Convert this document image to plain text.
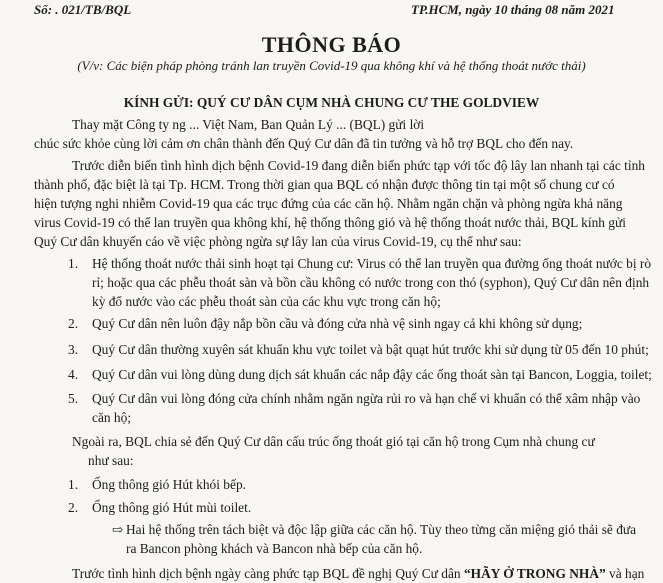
Số: . 021/TB/BQL	TP.HCM, ngày 10 tháng 08 năm 2021
THÔNG BÁO
(V/v: Các biện pháp phòng tránh lan truyền Covid-19 qua không khí và hệ thống thoát nước thải)
KÍNH GỬI: QUÝ CƯ DÂN CỤM NHÀ CHUNG CƯ THE GOLDVIEW
Thay mặt Công ty ng ... Việt Nam, Ban Quản Lý ... (BQL) gửi lời
chúc sức khỏe cùng lời cảm ơn chân thành đến Quý Cư dân đã tin tưởng và hỗ trợ BQL cho đến nay.
Trước diễn biến tình hình dịch bệnh Covid-19 đang diễn biến phức tạp với tốc độ lây lan nhanh tại các tỉnh
thành phố, đặc biệt là tại Tp. HCM. Trong thời gian qua BQL có nhận được thông tin tại một số chung cư có
hiện tượng nghi nhiễm Covid-19 qua các trục đứng của các căn hộ. Nhằm ngăn chặn và phòng ngừa khả năng
virus Covid-19 có thể lan truyền qua không khí, hệ thống thông gió và hệ thống thoát nước thải, BQL kính gửi
Quý Cư dân khuyến cáo về việc phòng ngừa sự lây lan của virus Covid-19, cụ thể như sau:
1. Hệ thống thoát nước thải sinh hoạt tại Chung cư: Virus có thể lan truyền qua đường ống thoát nước bị rò
rỉ; hoặc qua các phễu thoát sàn và bồn cầu không có nước trong con thó (syphon), Quý Cư dân nên định
kỳ đổ nước vào các phễu thoát sàn của các khu vực trong căn hộ;
2. Quý Cư dân nên luôn đậy nắp bồn cầu và đóng cửa nhà vệ sinh ngay cả khi không sử dụng;
3. Quý Cư dân thường xuyên sát khuẩn khu vực toilet và bật quạt hút trước khi sử dụng từ 05 đến 10 phút;
4. Quý Cư dân vui lòng dùng dung dịch sát khuẩn các nắp đậy các ống thoát sàn tại Bancon, Loggia, toilet;
5. Quý Cư dân vui lòng đóng cửa chính nhằm ngăn ngừa rủi ro và hạn chế vi khuẩn có thể xâm nhập vào
căn hộ;
Ngoài ra, BQL chia sẻ đến Quý Cư dân cấu trúc ống thoát gió tại căn hộ trong Cụm nhà chung cư
như sau:
1. Ống thông gió Hút khói bếp.
2. Ống thông gió Hút mùi toilet.
⇨ Hai hệ thống trên tách biệt và độc lập giữa các căn hộ. Tùy theo từng căn miệng gió thải sẽ đưa
ra Bancon phòng khách và Bancon nhà bếp của căn hộ.
Trước tình hình dịch bệnh ngày càng phức tạp BQL đề nghị Quý Cư dân “HÃY Ở TRONG NHÀ” và hạn
